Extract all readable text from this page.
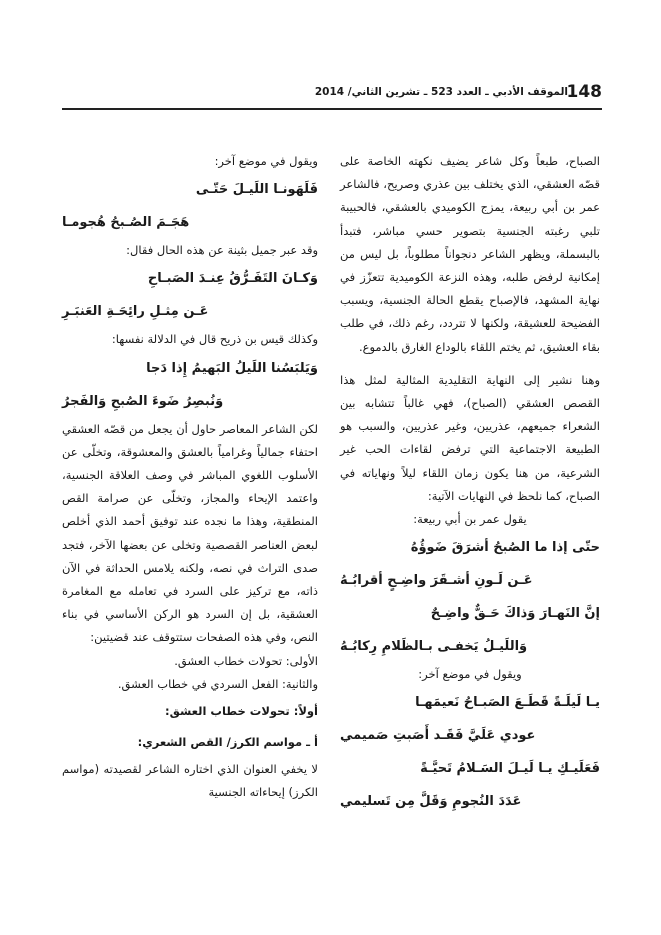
148
الموقف الأدبي ـ العدد 523 ـ تشرين الثاني/ 2014

الصباح، طبعاً وكل شاعر يضيف نكهته الخاصة على قصّه العشقي، الذي يختلف بين عذري وصريح، فالشاعر عمر بن أبي ربيعة، يمزج الكوميدي بالعشقي، فالحبيبة تلبي رغبته الجنسية بتصوير حسي مباشر، فتبدأ بالبسملة، ويظهر الشاعر دنجواناً مطلوباً، بل ليس من إمكانية لرفض طلبه، وهذه النزعة الكوميدية تتعزّز في نهاية المشهد، فالإصباح يقطع الحالة الجنسية، ويسبب الفضيحة للعشيقة، ولكنها لا تتردد، رغم ذلك، في طلب بقاء العشيق، ثم يختم اللقاء بالوداع الغارق بالدموع.

وهنا نشير إلى النهاية التقليدية المثالية لمثل هذا القصص العشقي (الصباح)، فهي غالباً تتشابه بين الشعراء جميعهم، عذريين، وغير عذريين، والسبب هو الطبيعة الاجتماعية التي ترفض لقاءات الحب غير الشرعية، من هنا يكون زمان اللقاء ليلاً ونهاياته في الصباح، كما نلحظ في النهايات الآتية:

يقول عمر بن أبي ربيعة:

حتّى إذا ما الصُبحُ أشرَقَ ضَوؤُهُ
عَـن لَـونِ أشـقَرَ واضِـحٍ أقرابُـهُ
إنَّ النَهـارَ وَذاكَ حَـقٌّ واضِـحٌ
وَاللَيـلُ يَخفـى بـالظَلامِ رِكابُـهُ

ويقول في موضع آخر:

يـا لَيلَـةً قَطَـعَ الصَبـاحُ نَعيمَهـا
عودي عَلَيَّ فَقَـد أَصَبتِ صَميمي
فَعَلَيـكِ يـا لَيـلَ السَـلامُ تَحيَّـةً
عَدَدَ النُجومِ وَقَلَّ مِن تَسليمي

ويقول في موضع آخر:

فَلَهَونـا اللَيـلَ حَتّـى
هَجَـمَ الصُـبحُ هُجومـا

وقد عبر جميل بثينة عن هذه الحال فقال:

وَكـانَ التَفَـرُّقُ عِنـدَ الصَبـاحِ
عَـن مِثـلِ رائِحَـةِ العَنبَـرِ

وكذلك قيس بن ذريح قال في الدلالة نفسها:

وَيَلبَسُنا اللَيلُ البَهيمُ إِذا دَجا
وَنُبصِرُ ضَوءَ الصُبحِ وَالفَجرُ

لكن الشاعر المعاصر حاول أن يجعل من قصّه العشقي احتفاء جمالياً وغرامياً بالعشق والمعشوقة، وتخلّى عن الأسلوب اللغوي المباشر في وصف العلاقة الجنسية، واعتمد الإيحاء والمجاز، وتخلّى عن صرامة القص المنطقية، وهذا ما نجده عند توفيق أحمد الذي أخلص لبعض العناصر القصصية وتخلى عن بعضها الآخر، فتجد صدى التراث في نصه، ولكنه يلامس الحداثة في الآن ذاته، مع تركيز على السرد في تعامله مع المغامرة العشقية، بل إن السرد هو الركن الأساسي في بناء النص، وفي هذه الصفحات ستتوقف عند قضيتين:

الأولى: تحولات خطاب العشق.

والثانية: الفعل السردي في خطاب العشق.

أولاً: تحولات خطاب العشق:
أ ـ مواسم الكرز/ القص الشعري:

لا يخفي العنوان الذي اختاره الشاعر لقصيدته (مواسم الكرز) إيحاءاته الجنسية
